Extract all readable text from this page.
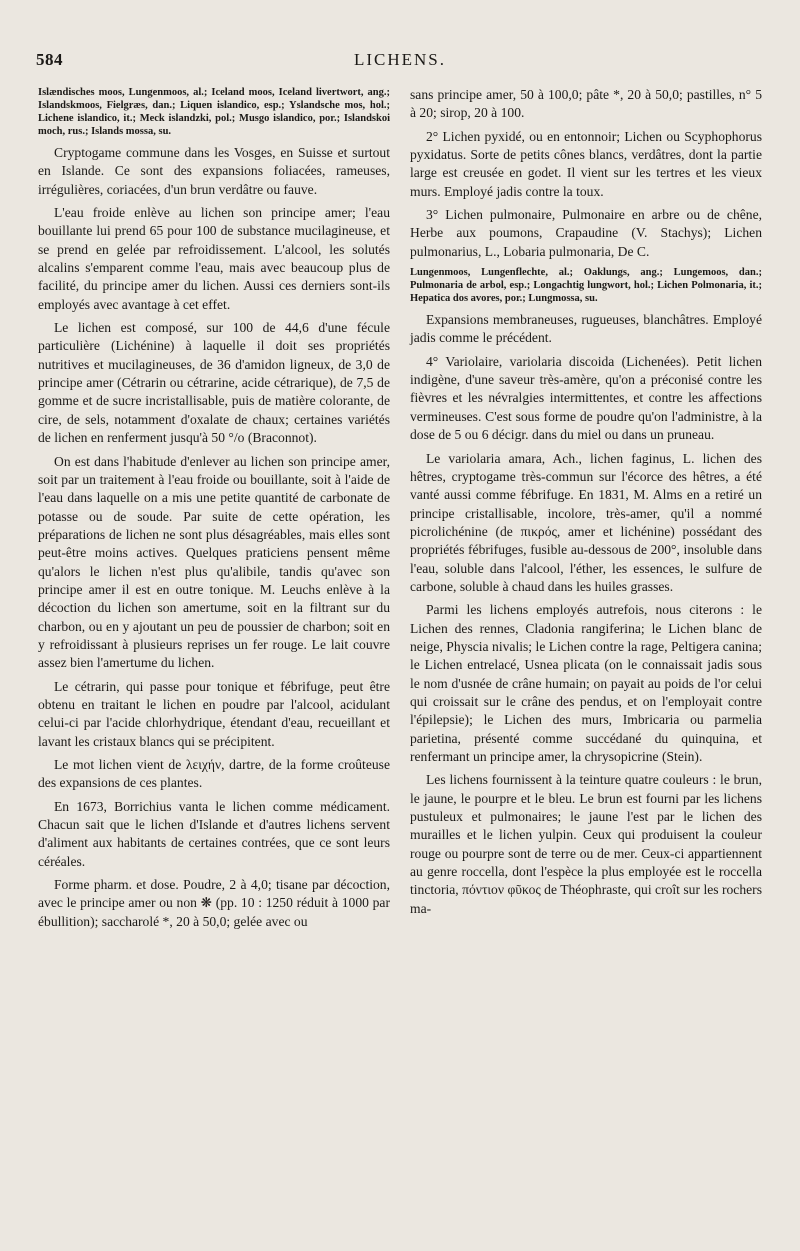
584	LICHENS.

Islændisches moos, Lungenmoos, al.; Iceland moos, Iceland livertwort, ang.; Islandskmoos, Fielgræs, dan.; Liquen islandico, esp.; Yslandsche mos, hol.; Lichene islandico, it.; Meck islandzki, pol.; Musgo islandico, por.; Islandskoi moch, rus.; Islands mossa, su.

Cryptogame commune dans les Vosges, en Suisse et surtout en Islande. Ce sont des expansions foliacées, rameuses, irrégulières, coriacées, d'un brun verdâtre ou fauve.

L'eau froide enlève au lichen son principe amer; l'eau bouillante lui prend 65 pour 100 de substance mucilagineuse, et se prend en gelée par refroidissement. L'alcool, les solutés alcalins s'emparent comme l'eau, mais avec beaucoup plus de facilité, du principe amer du lichen. Aussi ces derniers sont-ils employés avec avantage à cet effet.

Le lichen est composé, sur 100 de 44,6 d'une fécule particulière (Lichénine) à laquelle il doit ses propriétés nutritives et mucilagineuses, de 36 d'amidon ligneux, de 3,0 de principe amer (Cétrarin ou cétrarine, acide cétrarique), de 7,5 de gomme et de sucre incristallisable, puis de matière colorante, de cire, de sels, notamment d'oxalate de chaux; certaines variétés de lichen en renferment jusqu'à 50 °/o (Braconnot).

On est dans l'habitude d'enlever au lichen son principe amer, soit par un traitement à l'eau froide ou bouillante, soit à l'aide de l'eau dans laquelle on a mis une petite quantité de carbonate de potasse ou de soude. Par suite de cette opération, les préparations de lichen ne sont plus désagréables, mais elles sont peut-être moins actives. Quelques praticiens pensent même qu'alors le lichen n'est plus qu'alibile, tandis qu'avec son principe amer il est en outre tonique. M. Leuchs enlève à la décoction du lichen son amertume, soit en la filtrant sur du charbon, ou en y ajoutant un peu de poussier de charbon; soit en y refroidissant à plusieurs reprises un fer rouge. Le lait couvre assez bien l'amertume du lichen.

Le cétrarin, qui passe pour tonique et fébrifuge, peut être obtenu en traitant le lichen en poudre par l'alcool, acidulant celui-ci par l'acide chlorhydrique, étendant d'eau, recueillant et lavant les cristaux blancs qui se précipitent.

Le mot lichen vient de λειχήν, dartre, de la forme croûteuse des expansions de ces plantes.

En 1673, Borrichius vanta le lichen comme médicament. Chacun sait que le lichen d'Islande et d'autres lichens servent d'aliment aux habitants de certaines contrées, que ce sont leurs céréales.

Forme pharm. et dose. Poudre, 2 à 4,0; tisane par décoction, avec le principe amer ou non ❋ (pp. 10 : 1250 réduit à 1000 par ébullition); saccharolé *, 20 à 50,0; gelée avec ou

sans principe amer, 50 à 100,0; pâte *, 20 à 50,0; pastilles, n° 5 à 20; sirop, 20 à 100.

2° Lichen pyxidé, ou en entonnoir; Lichen ou Scyphophorus pyxidatus. Sorte de petits cônes blancs, verdâtres, dont la partie large est creusée en godet. Il vient sur les tertres et les vieux murs. Employé jadis contre la toux.

3° Lichen pulmonaire, Pulmonaire en arbre ou de chêne, Herbe aux poumons, Crapaudine (V. Stachys); Lichen pulmonarius, L., Lobaria pulmonaria, De C.

Lungenmoos, Lungenflechte, al.; Oaklungs, ang.; Lungemoos, dan.; Pulmonaria de arbol, esp.; Longachtig lungwort, hol.; Lichen Polmonaria, it.; Hepatica dos avores, por.; Lungmossa, su.

Expansions membraneuses, rugueuses, blanchâtres. Employé jadis comme le précédent.

4° Variolaire, variolaria discoida (Lichenées). Petit lichen indigène, d'une saveur très-amère, qu'on a préconisé contre les fièvres et les névralgies intermittentes, et contre les affections vermineuses. C'est sous forme de poudre qu'on l'administre, à la dose de 5 ou 6 décigr. dans du miel ou dans un pruneau.

Le variolaria amara, Ach., lichen faginus, L. lichen des hêtres, cryptogame très-commun sur l'écorce des hêtres, a été vanté aussi comme fébrifuge. En 1831, M. Alms en a retiré un principe cristallisable, incolore, très-amer, qu'il a nommé picrolichénine (de πικρός, amer et lichénine) possédant des propriétés fébrifuges, fusible au-dessous de 200°, insoluble dans l'eau, soluble dans l'alcool, l'éther, les essences, le sulfure de carbone, soluble à chaud dans les huiles grasses.

Parmi les lichens employés autrefois, nous citerons : le Lichen des rennes, Cladonia rangiferina; le Lichen blanc de neige, Physcia nivalis; le Lichen contre la rage, Peltigera canina; le Lichen entrelacé, Usnea plicata (on le connaissait jadis sous le nom d'usnée de crâne humain; on payait au poids de l'or celui qui croissait sur le crâne des pendus, et on l'employait contre l'épilepsie); le Lichen des murs, Imbricaria ou parmelia parietina, présenté comme succédané du quinquina, et renfermant un principe amer, la chrysopicrine (Stein).

Les lichens fournissent à la teinture quatre couleurs : le brun, le jaune, le pourpre et le bleu. Le brun est fourni par les lichens pustuleux et pulmonaires; le jaune l'est par le lichen des murailles et le lichen yulpin. Ceux qui produisent la couleur rouge ou pourpre sont de terre ou de mer. Ceux-ci appartiennent au genre roccella, dont l'espèce la plus employée est le roccella tinctoria, πόντιον φῦκος de Théophraste, qui croît sur les rochers ma-
